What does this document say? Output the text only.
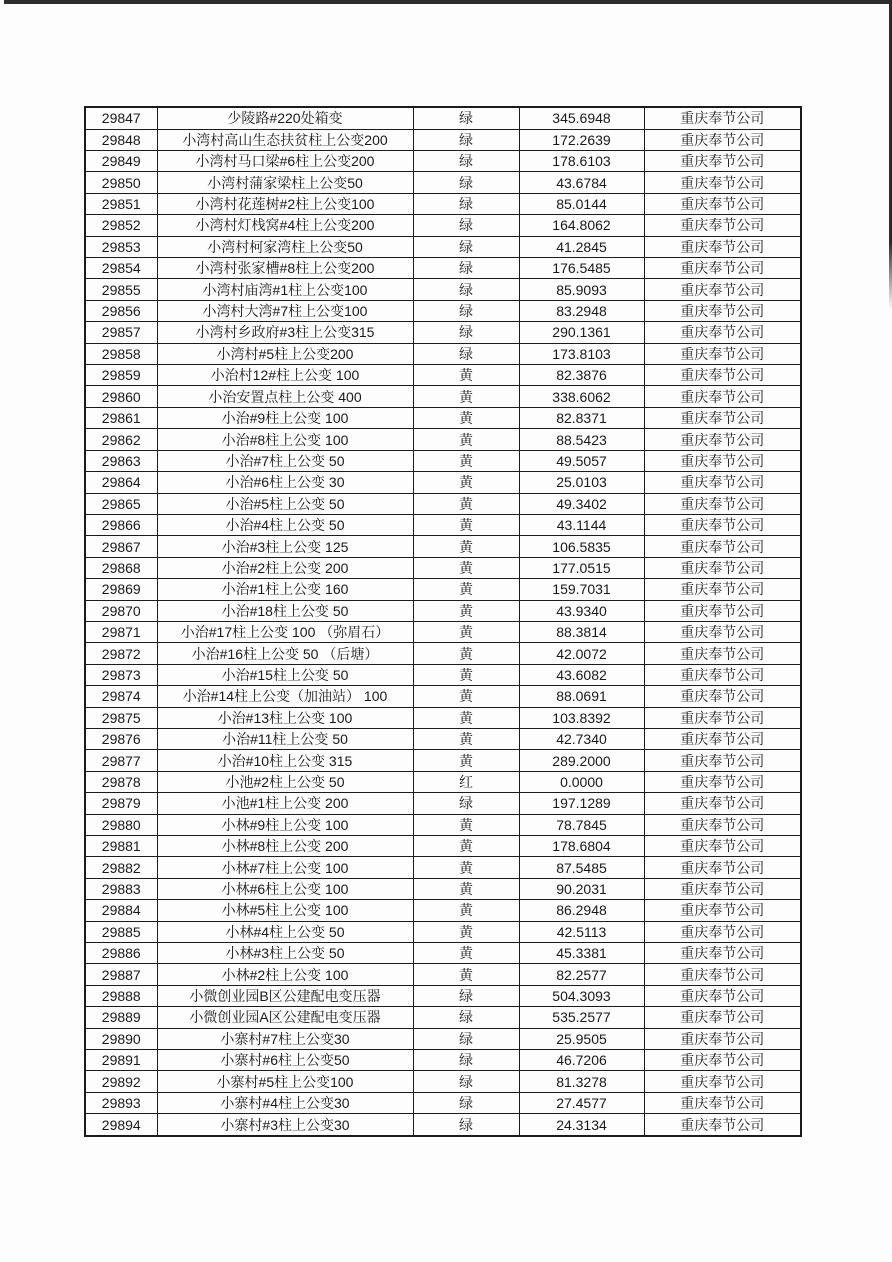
29847	少陵路#220处箱变	绿	345.6948	重庆奉节公司
29848	小湾村高山生态扶贫柱上公变200	绿	172.2639	重庆奉节公司
29849	小湾村马口梁#6柱上公变200	绿	178.6103	重庆奉节公司
29850	小湾村蒲家梁柱上公变50	绿	43.6784	重庆奉节公司
29851	小湾村花莲树#2柱上公变100	绿	85.0144	重庆奉节公司
29852	小湾村灯栈窝#4柱上公变200	绿	164.8062	重庆奉节公司
29853	小湾村柯家湾柱上公变50	绿	41.2845	重庆奉节公司
29854	小湾村张家槽#8柱上公变200	绿	176.5485	重庆奉节公司
29855	小湾村庙湾#1柱上公变100	绿	85.9093	重庆奉节公司
29856	小湾村大湾#7柱上公变100	绿	83.2948	重庆奉节公司
29857	小湾村乡政府#3柱上公变315	绿	290.1361	重庆奉节公司
29858	小湾村#5柱上公变200	绿	173.8103	重庆奉节公司
29859	小治村12#柱上公变 100	黄	82.3876	重庆奉节公司
29860	小治安置点柱上公变 400	黄	338.6062	重庆奉节公司
29861	小治#9柱上公变 100	黄	82.8371	重庆奉节公司
29862	小治#8柱上公变 100	黄	88.5423	重庆奉节公司
29863	小治#7柱上公变 50	黄	49.5057	重庆奉节公司
29864	小治#6柱上公变 30	黄	25.0103	重庆奉节公司
29865	小治#5柱上公变 50	黄	49.3402	重庆奉节公司
29866	小治#4柱上公变 50	黄	43.1144	重庆奉节公司
29867	小治#3柱上公变 125	黄	106.5835	重庆奉节公司
29868	小治#2柱上公变 200	黄	177.0515	重庆奉节公司
29869	小治#1柱上公变 160	黄	159.7031	重庆奉节公司
29870	小治#18柱上公变 50	黄	43.9340	重庆奉节公司
29871	小治#17柱上公变 100 （弥眉石）	黄	88.3814	重庆奉节公司
29872	小治#16柱上公变 50 （后塘）	黄	42.0072	重庆奉节公司
29873	小治#15柱上公变 50	黄	43.6082	重庆奉节公司
29874	小治#14柱上公变（加油站） 100	黄	88.0691	重庆奉节公司
29875	小治#13柱上公变 100	黄	103.8392	重庆奉节公司
29876	小治#11柱上公变 50	黄	42.7340	重庆奉节公司
29877	小治#10柱上公变 315	黄	289.2000	重庆奉节公司
29878	小池#2柱上公变 50	红	0.0000	重庆奉节公司
29879	小池#1柱上公变 200	绿	197.1289	重庆奉节公司
29880	小林#9柱上公变 100	黄	78.7845	重庆奉节公司
29881	小林#8柱上公变 200	黄	178.6804	重庆奉节公司
29882	小林#7柱上公变 100	黄	87.5485	重庆奉节公司
29883	小林#6柱上公变 100	黄	90.2031	重庆奉节公司
29884	小林#5柱上公变 100	黄	86.2948	重庆奉节公司
29885	小林#4柱上公变 50	黄	42.5113	重庆奉节公司
29886	小林#3柱上公变 50	黄	45.3381	重庆奉节公司
29887	小林#2柱上公变 100	黄	82.2577	重庆奉节公司
29888	小微创业园B区公建配电变压器	绿	504.3093	重庆奉节公司
29889	小微创业园A区公建配电变压器	绿	535.2577	重庆奉节公司
29890	小寨村#7柱上公变30	绿	25.9505	重庆奉节公司
29891	小寨村#6柱上公变50	绿	46.7206	重庆奉节公司
29892	小寨村#5柱上公变100	绿	81.3278	重庆奉节公司
29893	小寨村#4柱上公变30	绿	27.4577	重庆奉节公司
29894	小寨村#3柱上公变30	绿	24.3134	重庆奉节公司
